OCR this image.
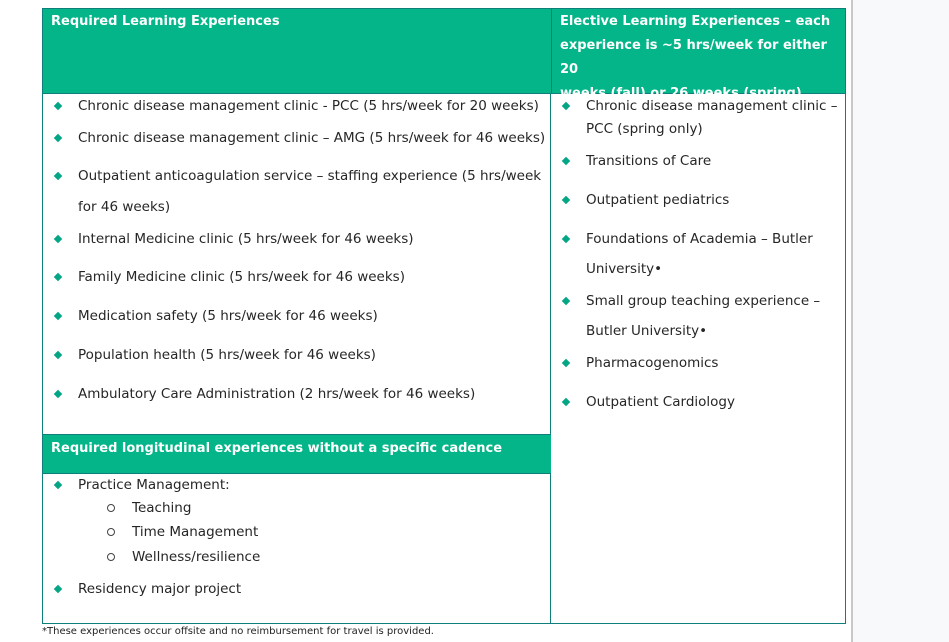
Required Learning Experiences	Elective Learning Experiences – each
experience is ~5 hrs/week for either 20
weeks (fall) or 26 weeks (spring).
Chronic disease management clinic - PCC (5 hrs/week for 20 weeks)
Chronic disease management clinic – AMG (5 hrs/week for 46 weeks)
Outpatient anticoagulation service – staffing experience (5 hrs/week
for 46 weeks)
Internal Medicine clinic (5 hrs/week for 46 weeks)
Family Medicine clinic (5 hrs/week for 46 weeks)
Medication safety (5 hrs/week for 46 weeks)
Population health (5 hrs/week for 46 weeks)
Ambulatory Care Administration (2 hrs/week for 46 weeks)
Required longitudinal experiences without a specific cadence
Practice Management:
Teaching
Time Management
Wellness/resilience
Residency major project
Chronic disease management clinic –
PCC (spring only)
Transitions of Care
Outpatient pediatrics
Foundations of Academia – Butler
University•
Small group teaching experience –
Butler University•
Pharmacogenomics
Outpatient Cardiology
*These experiences occur offsite and no reimbursement for travel is provided.
